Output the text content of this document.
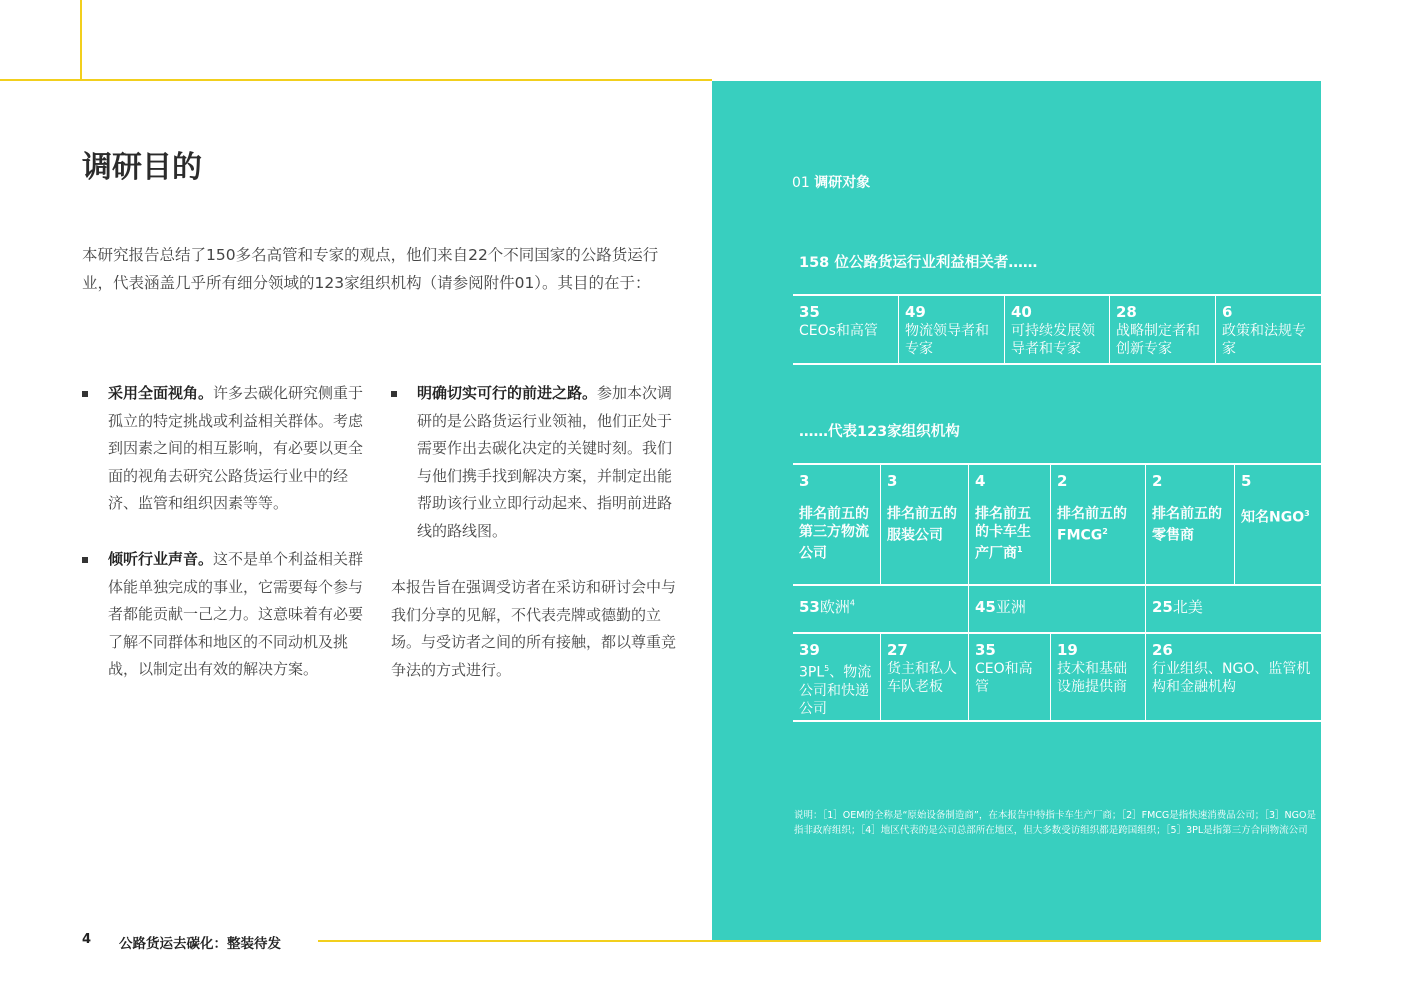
调研目的

本研究报告总结了150多名高管和专家的观点，他们来自22个不同国家的公路货运行业，代表涵盖几乎所有细分领域的123家组织机构（请参阅附件01）。其目的在于：

采用全面视角。许多去碳化研究侧重于孤立的特定挑战或利益相关群体。考虑到因素之间的相互影响，有必要以更全面的视角去研究公路货运行业中的经济、监管和组织因素等等。
倾听行业声音。这不是单个利益相关群体能单独完成的事业，它需要每个参与者都能贡献一己之力。这意味着有必要了解不同群体和地区的不同动机及挑战，以制定出有效的解决方案。
明确切实可行的前进之路。参加本次调研的是公路货运行业领袖，他们正处于需要作出去碳化决定的关键时刻。我们与他们携手找到解决方案，并制定出能帮助该行业立即行动起来、指明前进路线的路线图。

本报告旨在强调受访者在采访和研讨会中与我们分享的见解，不代表壳牌或德勤的立场。与受访者之间的所有接触，都以尊重竞争法的方式进行。

01 调研对象
158 位公路货运行业利益相关者……
35
CEOs和高管
49
物流领导者和专家
40
可持续发展领导者和专家
28
战略制定者和创新专家
6
政策和法规专家
……代表123家组织机构
3
排名前五的第三方物流公司
3
排名前五的服装公司
4
排名前五的卡车生产厂商$^1$
2
排名前五的FMCG$^2$
2
排名前五的零售商
5
知名NGO$^3$
53欧洲$^4$	45亚洲	25北美
39
$3PL^5$、物流公司和快递公司
27
货主和私人车队老板
35
CEO和高管
19
技术和基础设施提供商
26
行业组织、NGO、监管机构和金融机构
说明：［1］OEM的全称是“原始设备制造商”，在本报告中特指卡车生产厂商；［2］FMCG是指快速消费品公司；［3］NGO是指非政府组织；［4］地区代表的是公司总部所在地区，但大多数受访组织都是跨国组织；［5］3PL是指第三方合同物流公司
4 公路货运去碳化：整装待发
